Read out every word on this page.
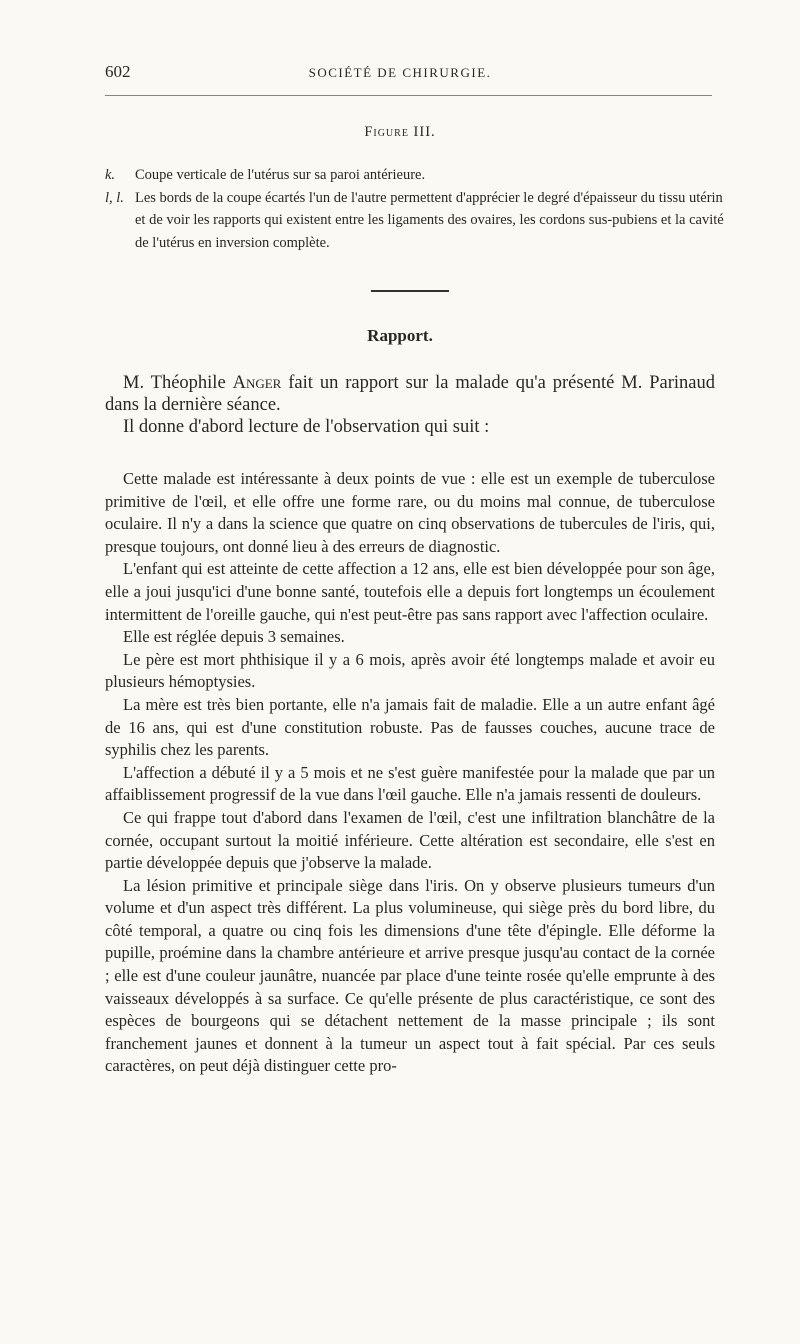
602	SOCIÉTÉ DE CHIRURGIE.
Figure III.
k. Coupe verticale de l'utérus sur sa paroi antérieure.
l, l. Les bords de la coupe écartés l'un de l'autre permettent d'apprécier le degré d'épaisseur du tissu utérin et de voir les rapports qui existent entre les ligaments des ovaires, les cordons sus-pubiens et la cavité de l'utérus en inversion complète.
Rapport.

M. Théophile Anger fait un rapport sur la malade qu'a présenté M. Parinaud dans la dernière séance.

Il donne d'abord lecture de l'observation qui suit :

Cette malade est intéressante à deux points de vue : elle est un exemple de tuberculose primitive de l'œil, et elle offre une forme rare, ou du moins mal connue, de tuberculose oculaire. Il n'y a dans la science que quatre on cinq observations de tubercules de l'iris, qui, presque toujours, ont donné lieu à des erreurs de diagnostic.

L'enfant qui est atteinte de cette affection a 12 ans, elle est bien développée pour son âge, elle a joui jusqu'ici d'une bonne santé, toutefois elle a depuis fort longtemps un écoulement intermittent de l'oreille gauche, qui n'est peut-être pas sans rapport avec l'affection oculaire.

Elle est réglée depuis 3 semaines.

Le père est mort phthisique il y a 6 mois, après avoir été longtemps malade et avoir eu plusieurs hémoptysies.

La mère est très bien portante, elle n'a jamais fait de maladie. Elle a un autre enfant âgé de 16 ans, qui est d'une constitution robuste. Pas de fausses couches, aucune trace de syphilis chez les parents.

L'affection a débuté il y a 5 mois et ne s'est guère manifestée pour la malade que par un affaiblissement progressif de la vue dans l'œil gauche. Elle n'a jamais ressenti de douleurs.

Ce qui frappe tout d'abord dans l'examen de l'œil, c'est une infiltration blanchâtre de la cornée, occupant surtout la moitié inférieure. Cette altération est secondaire, elle s'est en partie développée depuis que j'observe la malade.

La lésion primitive et principale siège dans l'iris. On y observe plusieurs tumeurs d'un volume et d'un aspect très différent. La plus volumineuse, qui siège près du bord libre, du côté temporal, a quatre ou cinq fois les dimensions d'une tête d'épingle. Elle déforme la pupille, proémine dans la chambre antérieure et arrive presque jusqu'au contact de la cornée ; elle est d'une couleur jaunâtre, nuancée par place d'une teinte rosée qu'elle emprunte à des vaisseaux développés à sa surface. Ce qu'elle présente de plus caractéristique, ce sont des espèces de bourgeons qui se détachent nettement de la masse principale ; ils sont franchement jaunes et donnent à la tumeur un aspect tout à fait spécial. Par ces seuls caractères, on peut déjà distinguer cette pro-
